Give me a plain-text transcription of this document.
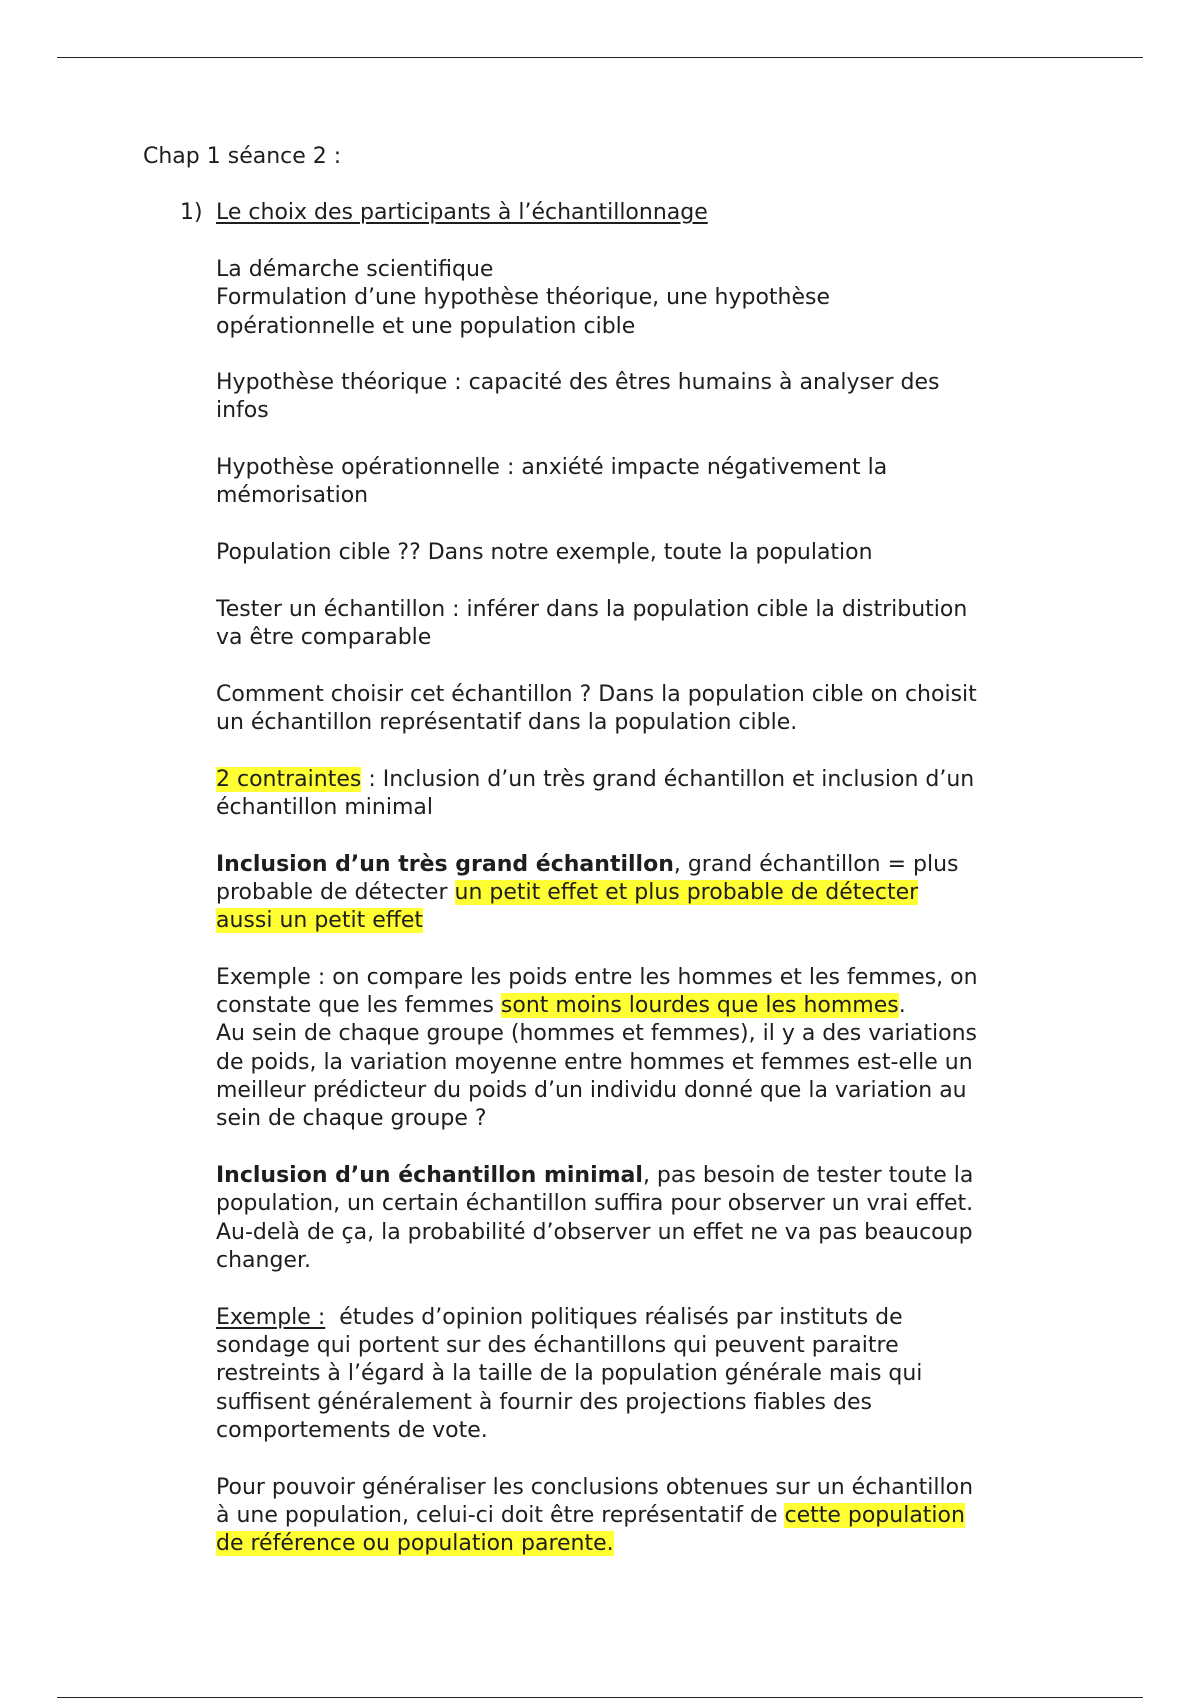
Chap 1 séance 2 :

1) Le choix des participants à l’échantillonnage

La démarche scientifique

Formulation d’une hypothèse théorique, une hypothèse

opérationnelle et une population cible

Hypothèse théorique : capacité des êtres humains à analyser des

infos

Hypothèse opérationnelle : anxiété impacte négativement la

mémorisation

Population cible ?? Dans notre exemple, toute la population

Tester un échantillon : inférer dans la population cible la distribution

va être comparable

Comment choisir cet échantillon ? Dans la population cible on choisit

un échantillon représentatif dans la population cible.

2 contraintes : Inclusion d’un très grand échantillon et inclusion d’un

échantillon minimal

Inclusion d’un très grand échantillon, grand échantillon = plus

probable de détecter un petit effet et plus probable de détecter

aussi un petit effet

Exemple : on compare les poids entre les hommes et les femmes, on

constate que les femmes sont moins lourdes que les hommes.

Au sein de chaque groupe (hommes et femmes), il y a des variations

de poids, la variation moyenne entre hommes et femmes est-elle un

meilleur prédicteur du poids d’un individu donné que la variation au

sein de chaque groupe ?

Inclusion d’un échantillon minimal, pas besoin de tester toute la

population, un certain échantillon suffira pour observer un vrai effet.

Au-delà de ça, la probabilité d’observer un effet ne va pas beaucoup

changer.

Exemple :  études d’opinion politiques réalisés par instituts de

sondage qui portent sur des échantillons qui peuvent paraitre

restreints à l’égard à la taille de la population générale mais qui

suffisent généralement à fournir des projections fiables des

comportements de vote.

Pour pouvoir généraliser les conclusions obtenues sur un échantillon

à une population, celui-ci doit être représentatif de cette population

de référence ou population parente.
